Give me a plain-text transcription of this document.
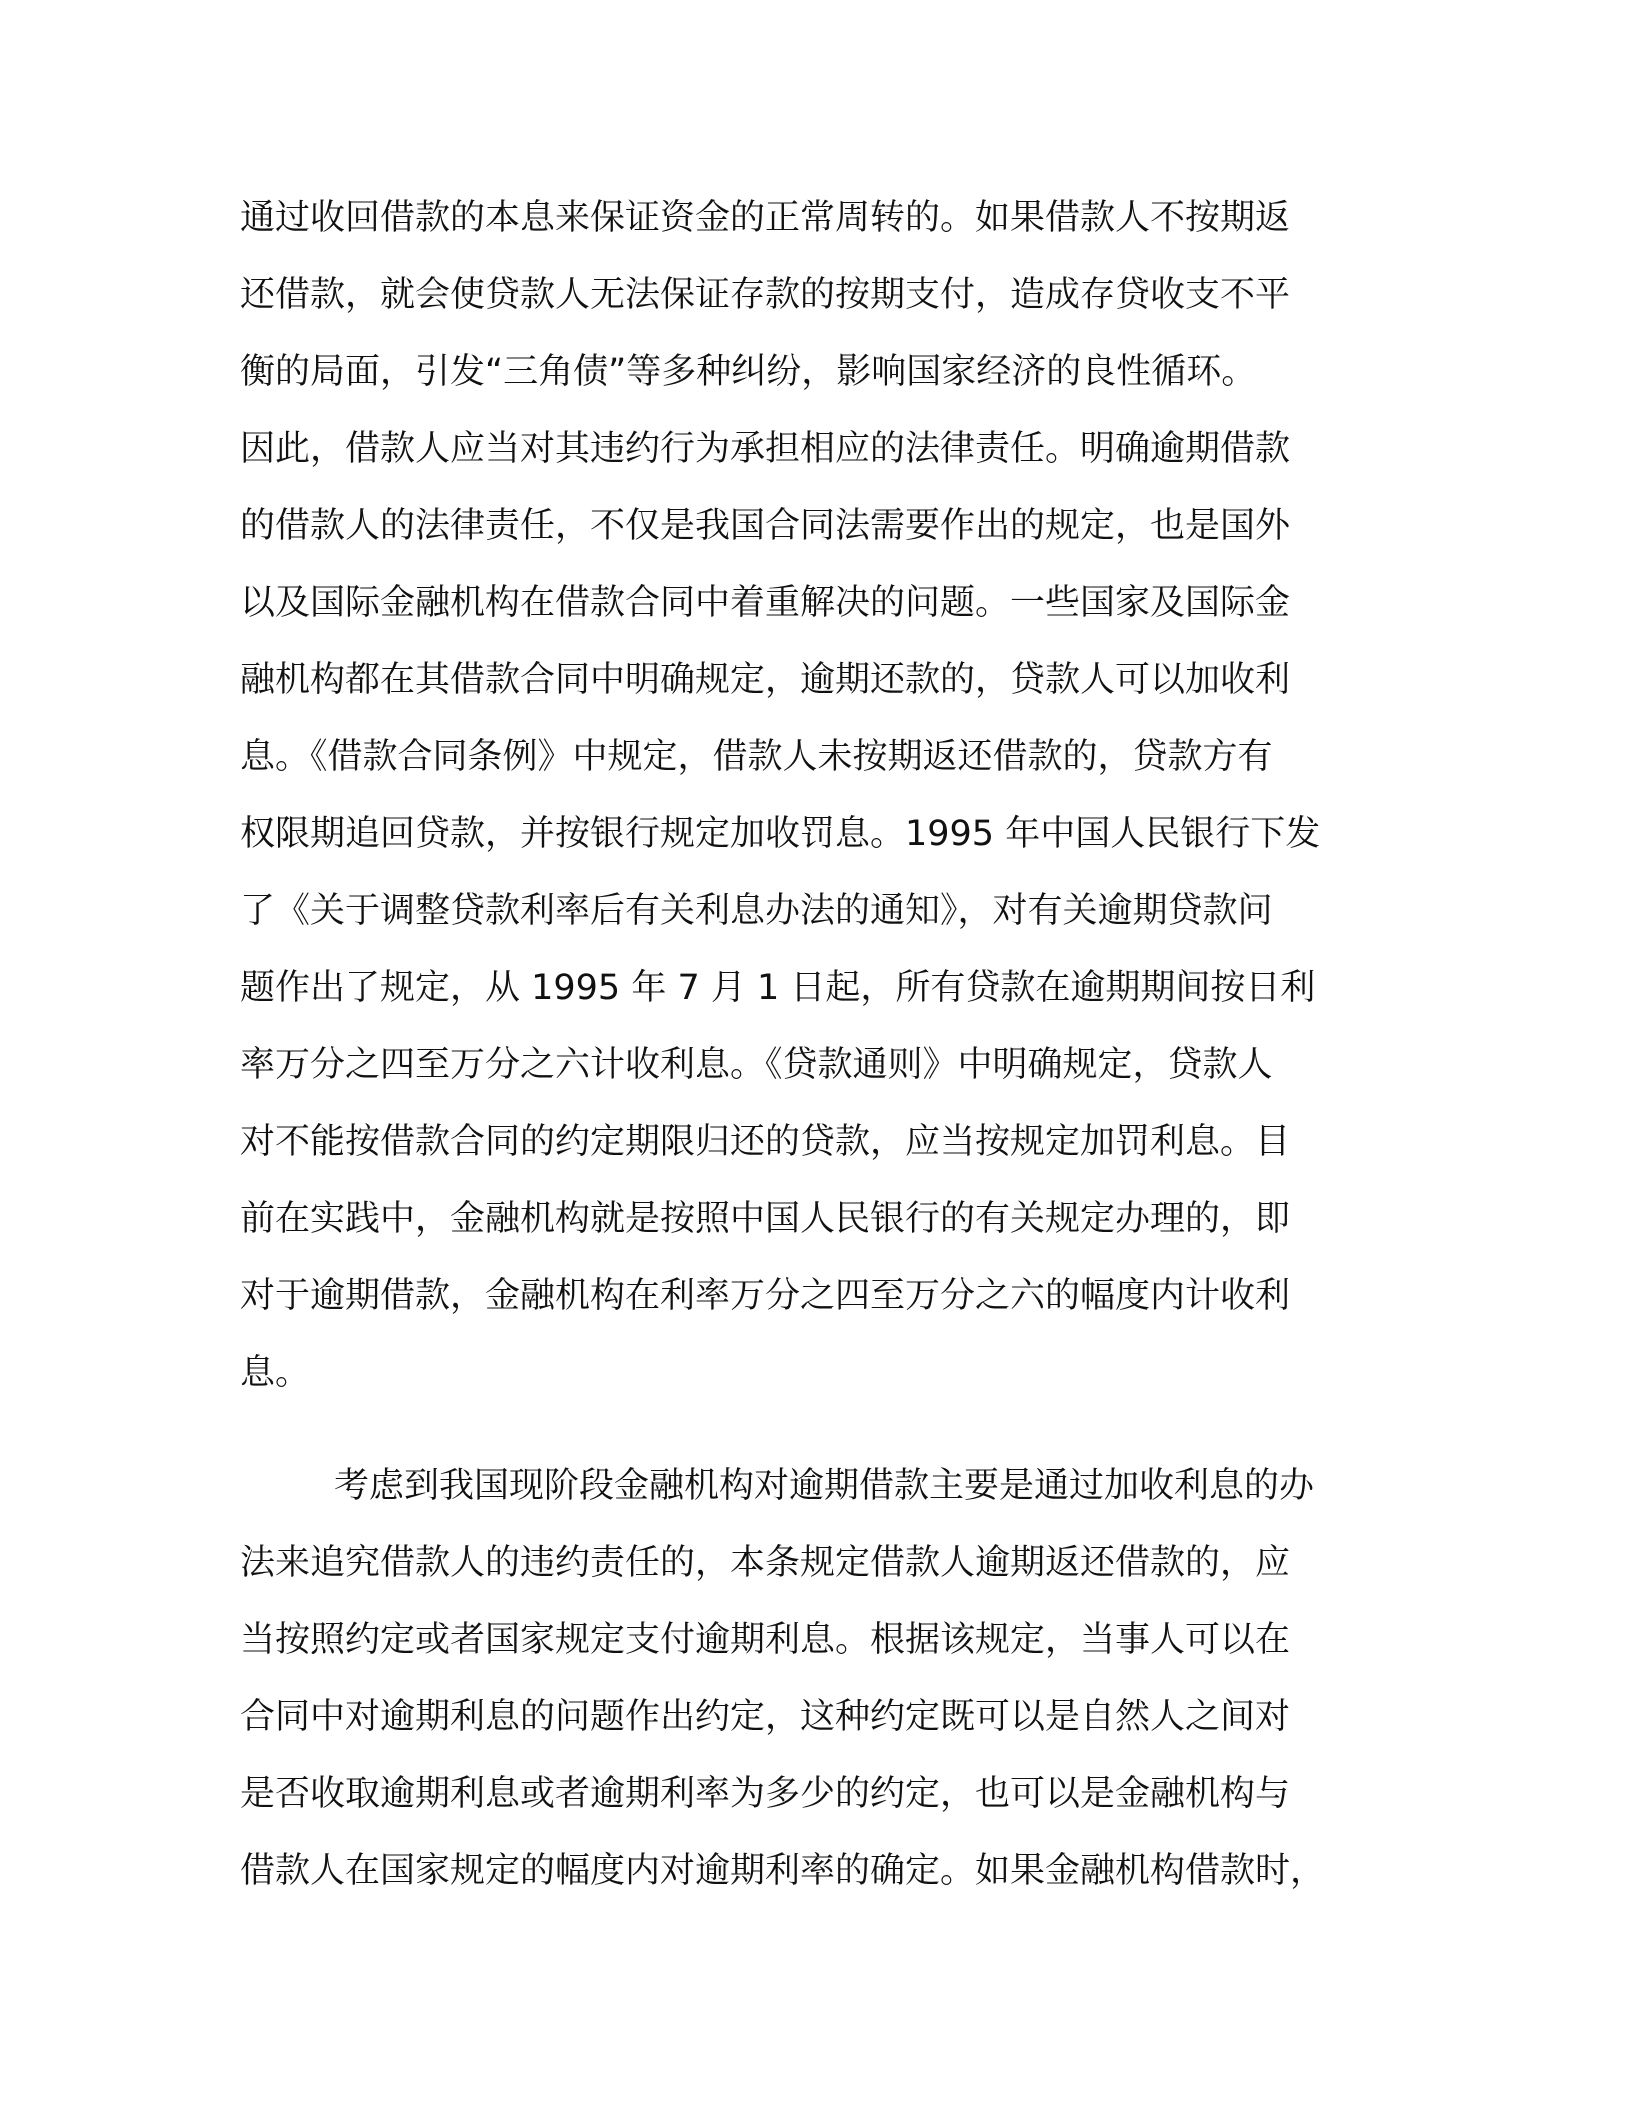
通过收回借款的本息来保证资金的正常周转的。如果借款人不按期返
还借款，就会使贷款人无法保证存款的按期支付，造成存贷收支不平
衡的局面，引发“三角债”等多种纠纷，影响国家经济的良性循环。
因此，借款人应当对其违约行为承担相应的法律责任。明确逾期借款
的借款人的法律责任，不仅是我国合同法需要作出的规定，也是国外
以及国际金融机构在借款合同中着重解决的问题。一些国家及国际金
融机构都在其借款合同中明确规定，逾期还款的，贷款人可以加收利
息。《借款合同条例》中规定，借款人未按期返还借款的，贷款方有
权限期追回贷款，并按银行规定加收罚息。1995 年中国人民银行下发
了《关于调整贷款利率后有关利息办法的通知》，对有关逾期贷款问
题作出了规定，从 1995 年 7 月 1 日起，所有贷款在逾期期间按日利
率万分之四至万分之六计收利息。《贷款通则》中明确规定，贷款人
对不能按借款合同的约定期限归还的贷款，应当按规定加罚利息。目
前在实践中，金融机构就是按照中国人民银行的有关规定办理的，即
对于逾期借款，金融机构在利率万分之四至万分之六的幅度内计收利
息。
考虑到我国现阶段金融机构对逾期借款主要是通过加收利息的办
法来追究借款人的违约责任的，本条规定借款人逾期返还借款的，应
当按照约定或者国家规定支付逾期利息。根据该规定，当事人可以在
合同中对逾期利息的问题作出约定，这种约定既可以是自然人之间对
是否收取逾期利息或者逾期利率为多少的约定，也可以是金融机构与
借款人在国家规定的幅度内对逾期利率的确定。如果金融机构借款时，
